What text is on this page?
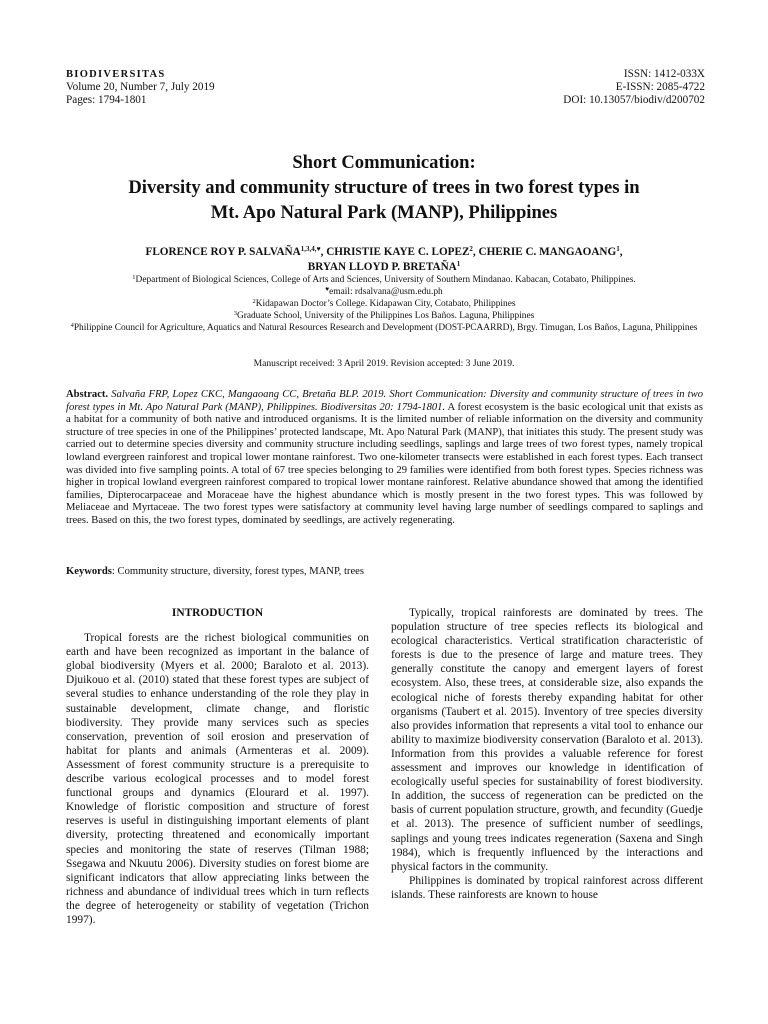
BIODIVERSITAS
Volume 20, Number 7, July 2019
Pages: 1794-1801
ISSN: 1412-033X
E-ISSN: 2085-4722
DOI: 10.13057/biodiv/d200702
Short Communication:
Diversity and community structure of trees in two forest types in
Mt. Apo Natural Park (MANP), Philippines
FLORENCE ROY P. $SALVAÑA^{1,3,4,♥}$, CHRISTIE KAYE C. LOPEZ$^2$, CHERIE C. MANGAOANG$^1$,
BRYAN LLOYD P. BRETAÑA$^1$
$^1$Department of Biological Sciences, College of Arts and Sciences, University of Southern Mindanao. Kabacan, Cotabato, Philippines.
♥email: rdsalvana@usm.edu.ph
$^2$Kidapawan Doctor’s College. Kidapawan City, Cotabato, Philippines
$^3$Graduate School, University of the Philippines Los Baños. Laguna, Philippines
$^4$Philippine Council for Agriculture, Aquatics and Natural Resources Research and Development (DOST-PCAARRD), Brgy. Timugan, Los Baños, Laguna, Philippines
Manuscript received: 3 April 2019. Revision accepted: 3 June 2019.
Abstract. Salvaña FRP, Lopez CKC, Mangaoang CC, Bretaña BLP. 2019. Short Communication: Diversity and community structure of trees in two forest types in Mt. Apo Natural Park (MANP), Philippines. Biodiversitas 20: 1794-1801. A forest ecosystem is the basic ecological unit that exists as a habitat for a community of both native and introduced organisms. It is the limited number of reliable information on the diversity and community structure of tree species in one of the Philippines’ protected landscape, Mt. Apo Natural Park (MANP), that initiates this study. The present study was carried out to determine species diversity and community structure including seedlings, saplings and large trees of two forest types, namely tropical lowland evergreen rainforest and tropical lower montane rainforest. Two one-kilometer transects were established in each forest types. Each transect was divided into five sampling points. A total of 67 tree species belonging to 29 families were identified from both forest types. Species richness was higher in tropical lowland evergreen rainforest compared to tropical lower montane rainforest. Relative abundance showed that among the identified families, Dipterocarpaceae and Moraceae have the highest abundance which is mostly present in the two forest types. This was followed by Meliaceae and Myrtaceae. The two forest types were satisfactory at community level having large number of seedlings compared to saplings and trees. Based on this, the two forest types, dominated by seedlings, are actively regenerating.
Keywords: Community structure, diversity, forest types, MANP, trees
INTRODUCTION

Tropical forests are the richest biological communities on earth and have been recognized as important in the balance of global biodiversity (Myers et al. 2000; Baraloto et al. 2013). Djuikouo et al. (2010) stated that these forest types are subject of several studies to enhance understanding of the role they play in sustainable development, climate change, and floristic biodiversity. They provide many services such as species conservation, prevention of soil erosion and preservation of habitat for plants and animals (Armenteras et al. 2009). Assessment of forest community structure is a prerequisite to describe various ecological processes and to model forest functional groups and dynamics (Elourard et al. 1997). Knowledge of floristic composition and structure of forest reserves is useful in distinguishing important elements of plant diversity, protecting threatened and economically important species and monitoring the state of reserves (Tilman 1988; Ssegawa and Nkuutu 2006). Diversity studies on forest biome are significant indicators that allow appreciating links between the richness and abundance of individual trees which in turn reflects the degree of heterogeneity or stability of vegetation (Trichon 1997).

Typically, tropical rainforests are dominated by trees. The population structure of tree species reflects its biological and ecological characteristics. Vertical stratification characteristic of forests is due to the presence of large and mature trees. They generally constitute the canopy and emergent layers of forest ecosystem. Also, these trees, at considerable size, also expands the ecological niche of forests thereby expanding habitat for other organisms (Taubert et al. 2015). Inventory of tree species diversity also provides information that represents a vital tool to enhance our ability to maximize biodiversity conservation (Baraloto et al. 2013). Information from this provides a valuable reference for forest assessment and improves our knowledge in identification of ecologically useful species for sustainability of forest biodiversity. In addition, the success of regeneration can be predicted on the basis of current population structure, growth, and fecundity (Guedje et al. 2013). The presence of sufficient number of seedlings, saplings and young trees indicates regeneration (Saxena and Singh 1984), which is frequently influenced by the interactions and physical factors in the community.

Philippines is dominated by tropical rainforest across different islands. These rainforests are known to house
